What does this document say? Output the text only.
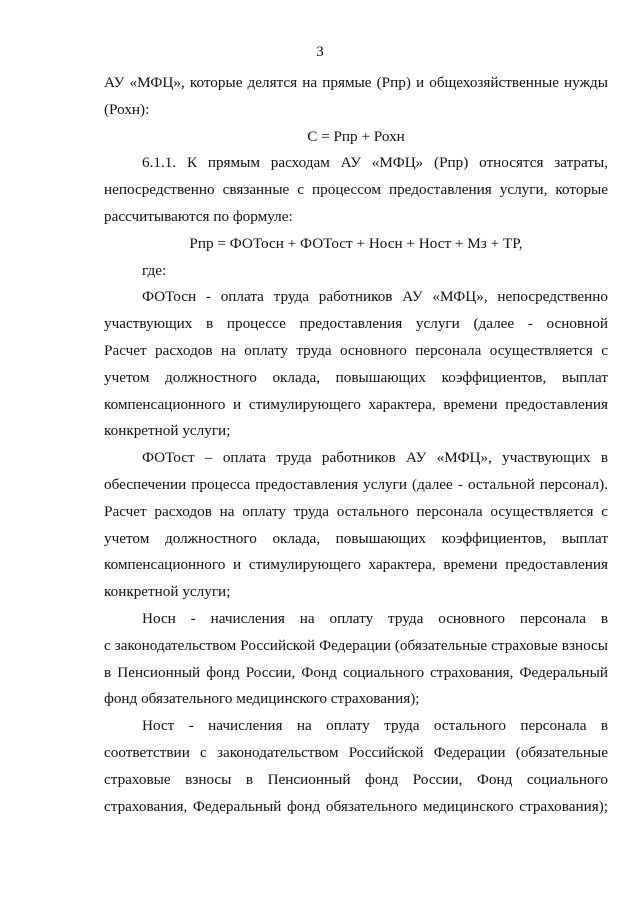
3
АУ «МФЦ», которые делятся на прямые (Рпр) и общехозяйственные нужды
(Рохн):
С = Рпр + Рохн
6.1.1. К прямым расходам АУ «МФЦ» (Рпр) относятся затраты,
непосредственно связанные с процессом предоставления услуги, которые
рассчитываются по формуле:
Рпр = ФОТосн + ФОТост + Носн + Ност + Мз + ТР,
где:
ФОТосн - оплата труда работников АУ «МФЦ», непосредственно
участвующих в процессе предоставления услуги (далее - основной
Расчет расходов на оплату труда основного персонала осуществляется с
учетом должностного оклада, повышающих коэффициентов, выплат
компенсационного и стимулирующего характера, времени предоставления
конкретной услуги;
ФОТост – оплата труда работников АУ «МФЦ», участвующих в
обеспечении процесса предоставления услуги (далее - остальной персонал).
Расчет расходов на оплату труда остального персонала осуществляется с
учетом должностного оклада, повышающих коэффициентов, выплат
компенсационного и стимулирующего характера, времени предоставления
конкретной услуги;
Носн - начисления на оплату труда основного персонала в
с законодательством Российской Федерации (обязательные страховые взносы
в Пенсионный фонд России, Фонд социального страхования, Федеральный
фонд обязательного медицинского страхования);
Ност - начисления на оплату труда остального персонала в
соответствии с законодательством Российской Федерации (обязательные
страховые взносы в Пенсионный фонд России, Фонд социального
страхования, Федеральный фонд обязательного медицинского страхования);
